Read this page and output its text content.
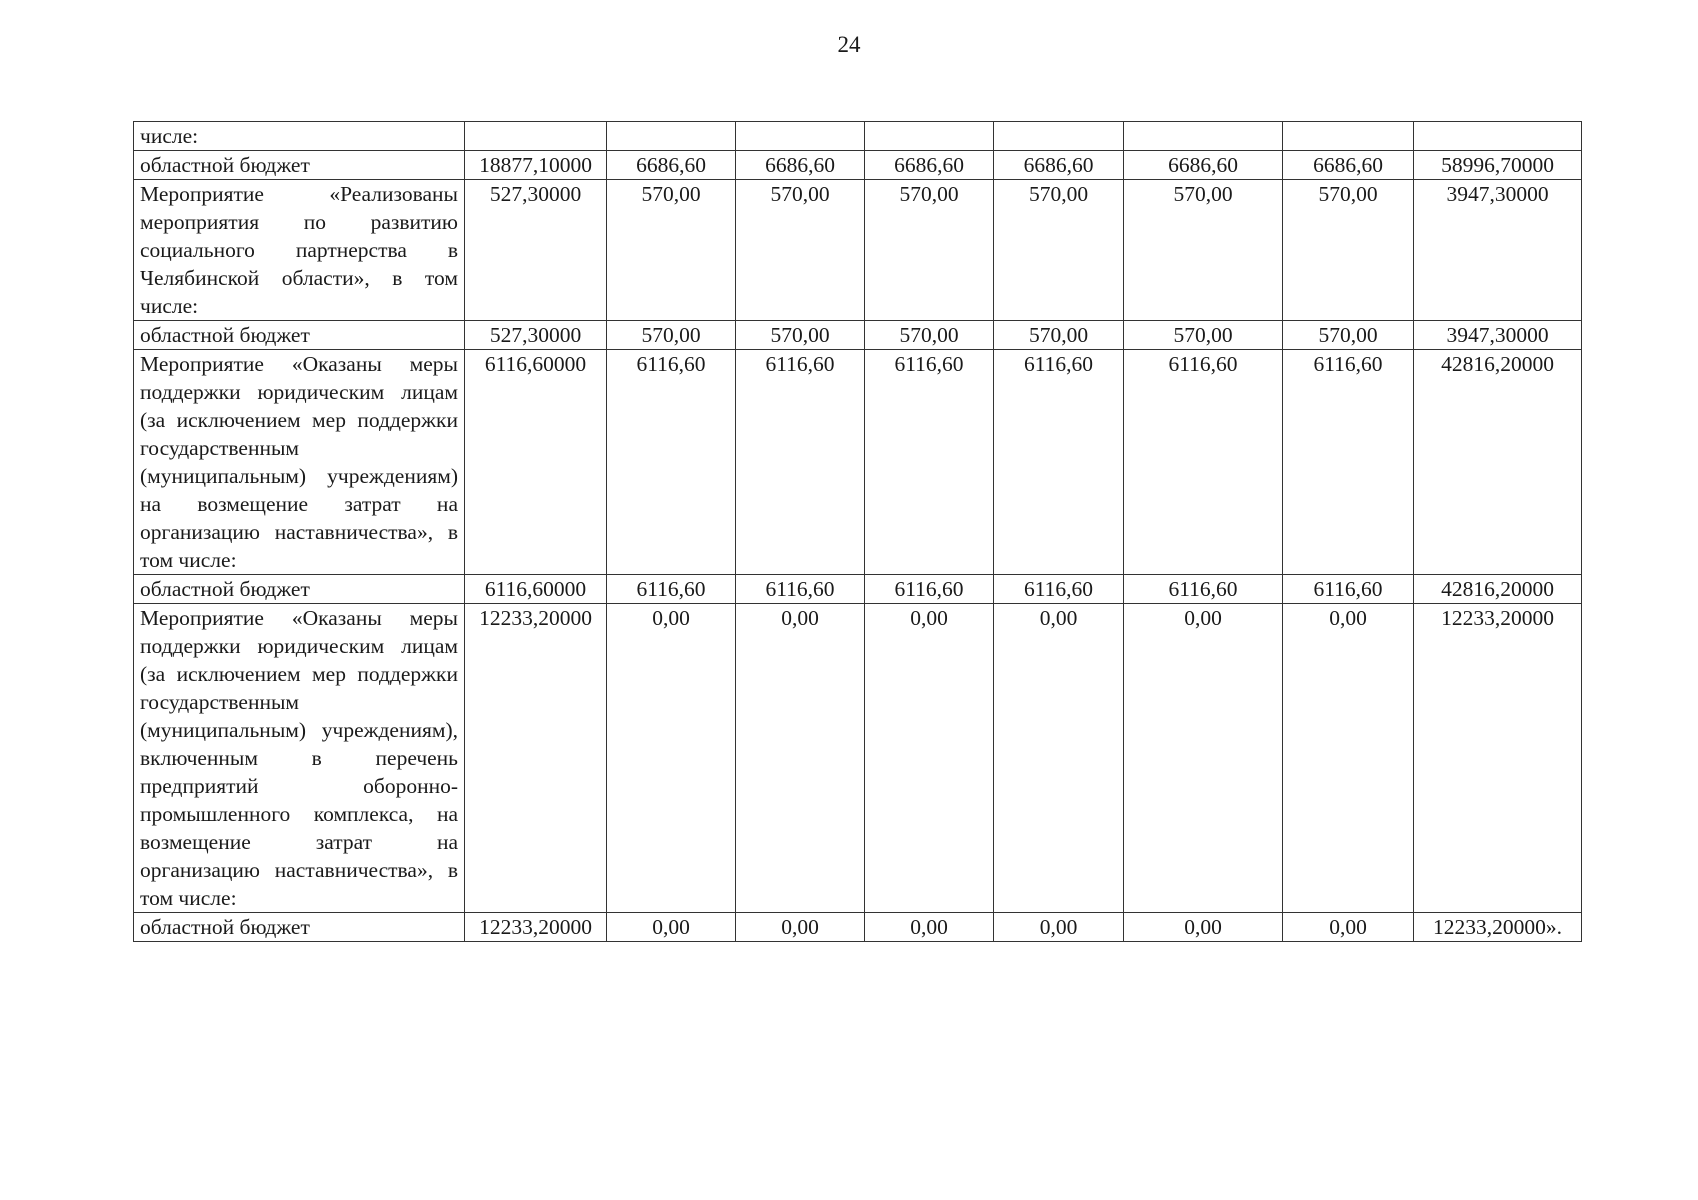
24
числе:								
областной бюджет	18877,10000	6686,60	6686,60	6686,60	6686,60	6686,60	6686,60	58996,70000
Мероприятие «Реализованы мероприятия по развитию социального партнерства в Челябинской области», в том числе:	527,30000	570,00	570,00	570,00	570,00	570,00	570,00	3947,30000
областной бюджет	527,30000	570,00	570,00	570,00	570,00	570,00	570,00	3947,30000
Мероприятие «Оказаны меры поддержки юридическим лицам (за исключением мер поддержки государственным (муниципальным) учреждениям) на возмещение затрат на организацию наставничества», в том числе:	6116,60000	6116,60	6116,60	6116,60	6116,60	6116,60	6116,60	42816,20000
областной бюджет	6116,60000	6116,60	6116,60	6116,60	6116,60	6116,60	6116,60	42816,20000
Мероприятие «Оказаны меры поддержки юридическим лицам (за исключением мер поддержки государственным (муниципальным) учреждениям), включенным в перечень предприятий оборонно-промышленного комплекса, на возмещение затрат на организацию наставничества», в том числе:	12233,20000	0,00	0,00	0,00	0,00	0,00	0,00	12233,20000
областной бюджет	12233,20000	0,00	0,00	0,00	0,00	0,00	0,00	12233,20000».
